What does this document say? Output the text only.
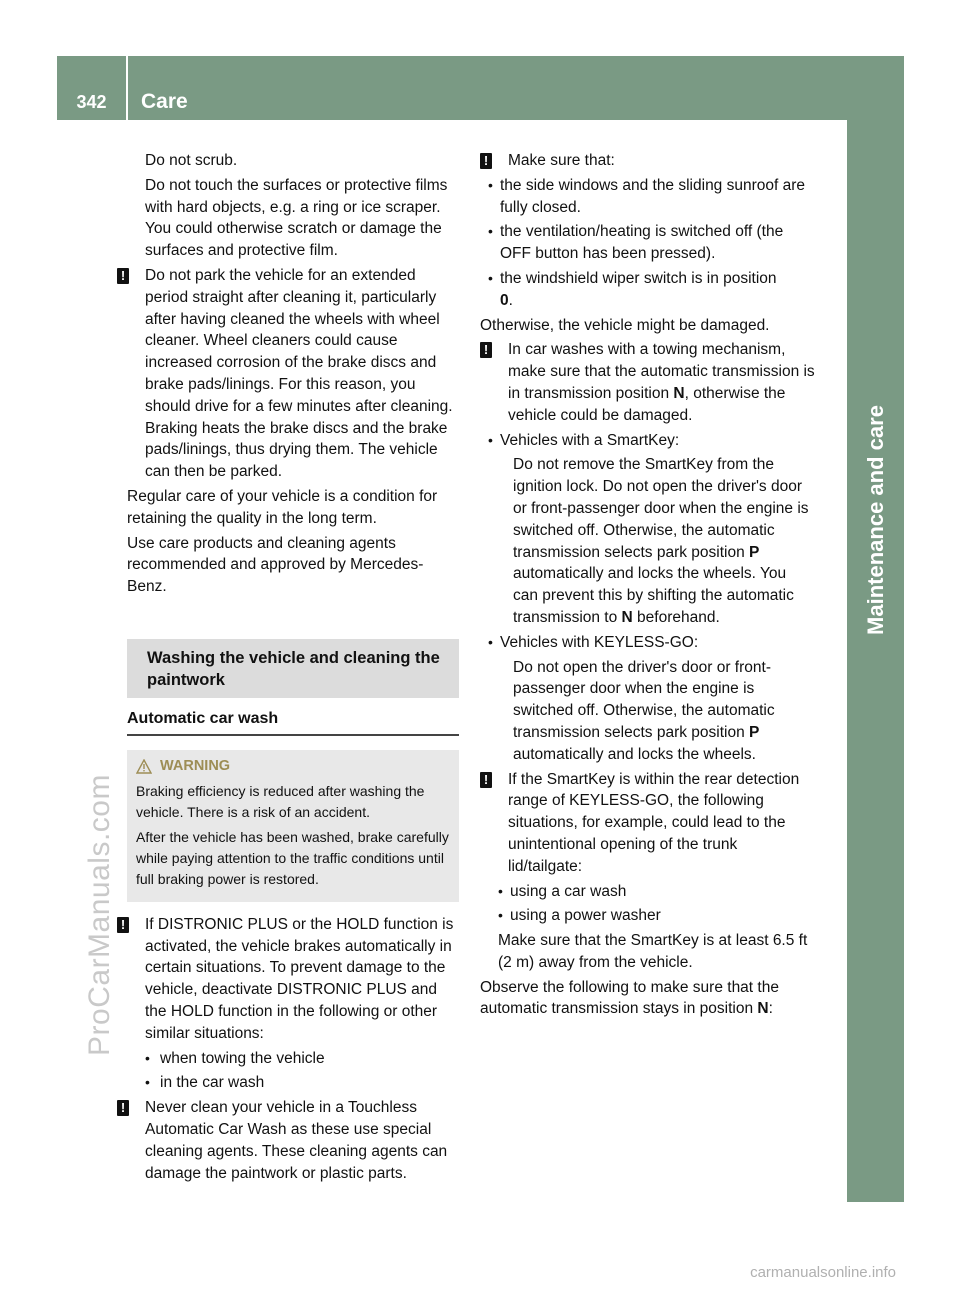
342	Care
Maintenance and care
ProCarManuals.com

Do not scrub.

Do not touch the surfaces or protective films with hard objects, e.g. a ring or ice scraper. You could otherwise scratch or damage the surfaces and protective film.

! Do not park the vehicle for an extended period straight after cleaning it, particularly after having cleaned the wheels with wheel cleaner. Wheel cleaners could cause increased corrosion of the brake discs and brake pads/linings. For this reason, you should drive for a few minutes after cleaning. Braking heats the brake discs and the brake pads/linings, thus drying them. The vehicle can then be parked.

Regular care of your vehicle is a condition for retaining the quality in the long term.

Use care products and cleaning agents recommended and approved by Mercedes-Benz.

Washing the vehicle and cleaning the paintwork
Automatic car wash
WARNING

Braking efficiency is reduced after washing the vehicle. There is a risk of an accident.

After the vehicle has been washed, brake carefully while paying attention to the traffic conditions until full braking power is restored.

! If DISTRONIC PLUS or the HOLD function is activated, the vehicle brakes automatically in certain situations. To prevent damage to the vehicle, deactivate DISTRONIC PLUS and the HOLD function in the following or other similar situations:
• when towing the vehicle
• in the car wash
! Never clean your vehicle in a Touchless Automatic Car Wash as these use special cleaning agents. These cleaning agents can damage the paintwork or plastic parts.
! Make sure that:
• the side windows and the sliding sunroof are fully closed.
• the ventilation/heating is switched off (the OFF button has been pressed).
• the windshield wiper switch is in position
0.

Otherwise, the vehicle might be damaged.

! In car washes with a towing mechanism, make sure that the automatic transmission is in transmission position N, otherwise the vehicle could be damaged.
• Vehicles with a SmartKey:

Do not remove the SmartKey from the ignition lock. Do not open the driver's door or front-passenger door when the engine is switched off. Otherwise, the automatic transmission selects park position P automatically and locks the wheels. You can prevent this by shifting the automatic transmission to N beforehand.

• Vehicles with KEYLESS-GO:

Do not open the driver's door or front-passenger door when the engine is switched off. Otherwise, the automatic transmission selects park position P automatically and locks the wheels.

! If the SmartKey is within the rear detection range of KEYLESS-GO, the following situations, for example, could lead to the unintentional opening of the trunk lid/tailgate:
• using a car wash
• using a power washer

Make sure that the SmartKey is at least 6.5 ft (2 m) away from the vehicle.

Observe the following to make sure that the automatic transmission stays in position N:

carmanualsonline.info
